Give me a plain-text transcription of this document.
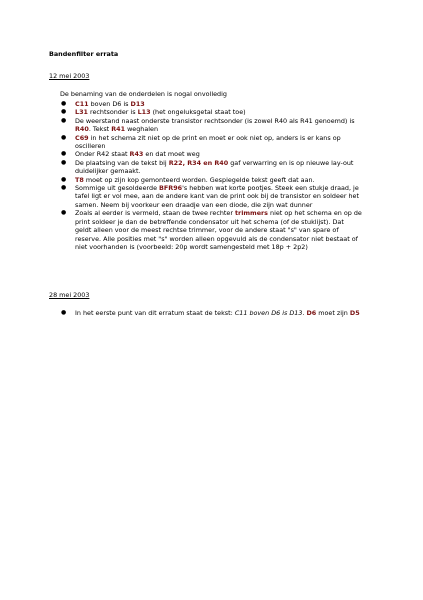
Bandenfilter errata
12 mei 2003
De benaming van de onderdelen is nogal onvolledig
● C11 boven D6 is D13
● L31 rechtsonder is L13 (het ongeluksgetal staat toe)
● De weerstand naast onderste transistor rechtsonder (is zowel R40 als R41 genoemd) is
R40. Tekst R41 weghalen
● C69 in het schema zit niet op de print en moet er ook niet op, anders is er kans op
oscilleren
● Onder R42 staat R43 en dat moet weg
● De plaatsing van de tekst bij R22, R34 en R40 gaf verwarring en is op nieuwe lay-out
duidelijker gemaakt.
● T8 moet op zijn kop gemonteerd worden. Gespiegelde tekst geeft dat aan.
● Sommige uit gesoldeerde BFR96's hebben wat korte pootjes. Steek een stukje draad, je
tafel ligt er vol mee, aan de andere kant van de print ook bij de transistor en soldeer het
samen. Neem bij voorkeur een draadje van een diode, die zijn wat dunner
● Zoals al eerder is vermeld, staan de twee rechter trimmers niet op het schema en op de
print soldeer je dan de betreffende condensator uit het schema (of de stuklijst). Dat
geldt alleen voor de meest rechtse trimmer, voor de andere staat "s" van spare of
reserve. Alle posities met "s" worden alleen opgevuld als de condensator niet bestaat of
niet voorhanden is (voorbeeld: 20p wordt samengesteld met 18p + 2p2)
28 mei 2003
● In het eerste punt van dit erratum staat de tekst: C11 boven D6 is D13. D6 moet zijn D5
